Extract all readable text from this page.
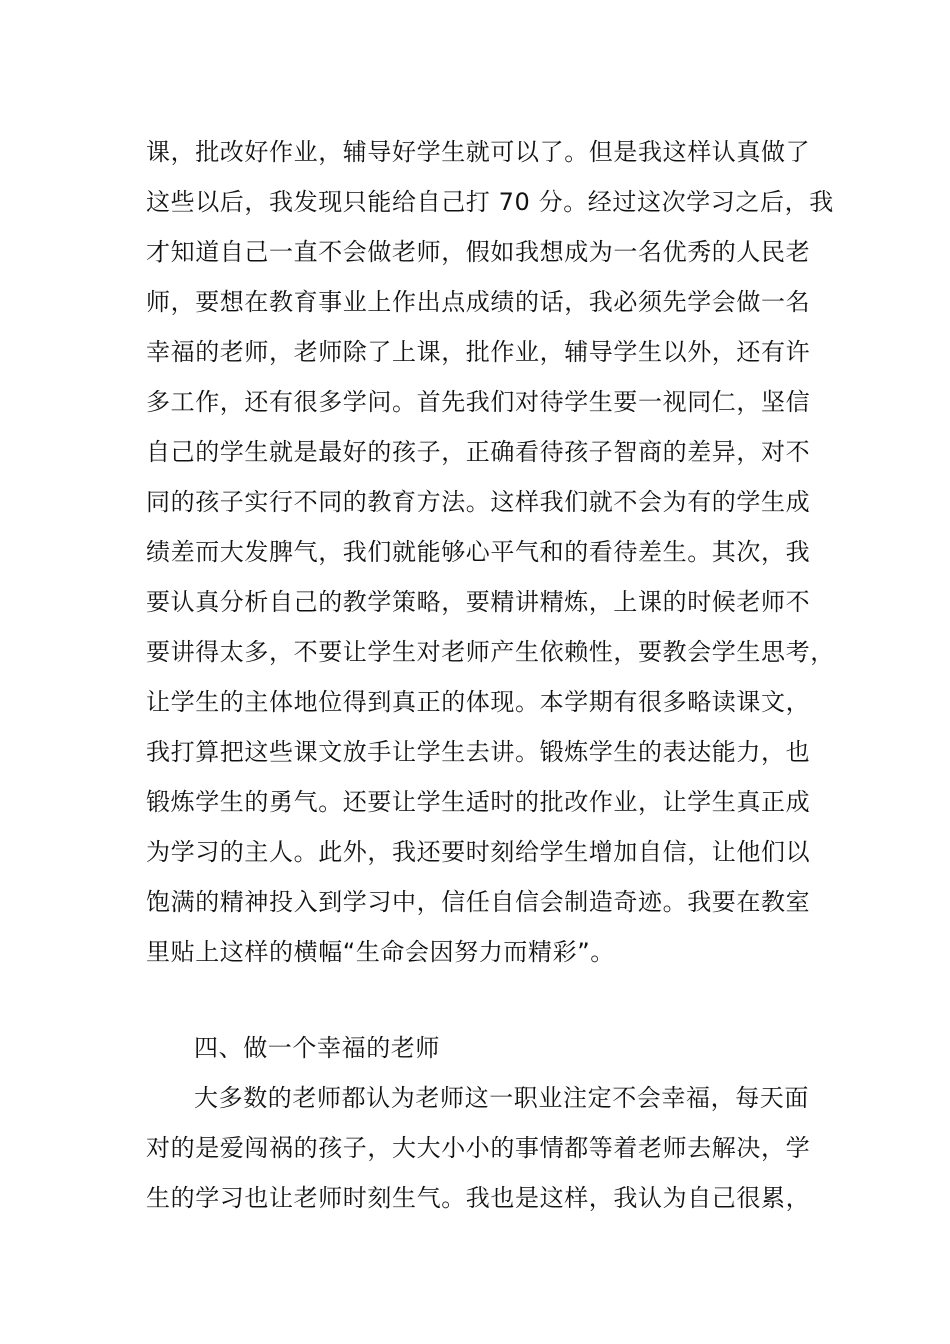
课，批改好作业，辅导好学生就可以了。但是我这样认真做了
这些以后，我发现只能给自己打 70 分。经过这次学习之后，我
才知道自己一直不会做老师，假如我想成为一名优秀的人民老
师，要想在教育事业上作出点成绩的话，我必须先学会做一名
幸福的老师，老师除了上课，批作业，辅导学生以外，还有许
多工作，还有很多学问。首先我们对待学生要一视同仁，坚信
自己的学生就是最好的孩子，正确看待孩子智商的差异，对不
同的孩子实行不同的教育方法。这样我们就不会为有的学生成
绩差而大发脾气，我们就能够心平气和的看待差生。其次，我
要认真分析自己的教学策略，要精讲精炼，上课的时候老师不
要讲得太多，不要让学生对老师产生依赖性，要教会学生思考，
让学生的主体地位得到真正的体现。本学期有很多略读课文，
我打算把这些课文放手让学生去讲。锻炼学生的表达能力，也
锻炼学生的勇气。还要让学生适时的批改作业，让学生真正成
为学习的主人。此外，我还要时刻给学生增加自信，让他们以
饱满的精神投入到学习中，信任自信会制造奇迹。我要在教室
里贴上这样的横幅“生命会因努力而精彩”。
四、做一个幸福的老师
大多数的老师都认为老师这一职业注定不会幸福，每天面
对的是爱闯祸的孩子，大大小小的事情都等着老师去解决，学
生的学习也让老师时刻生气。我也是这样，我认为自己很累，
